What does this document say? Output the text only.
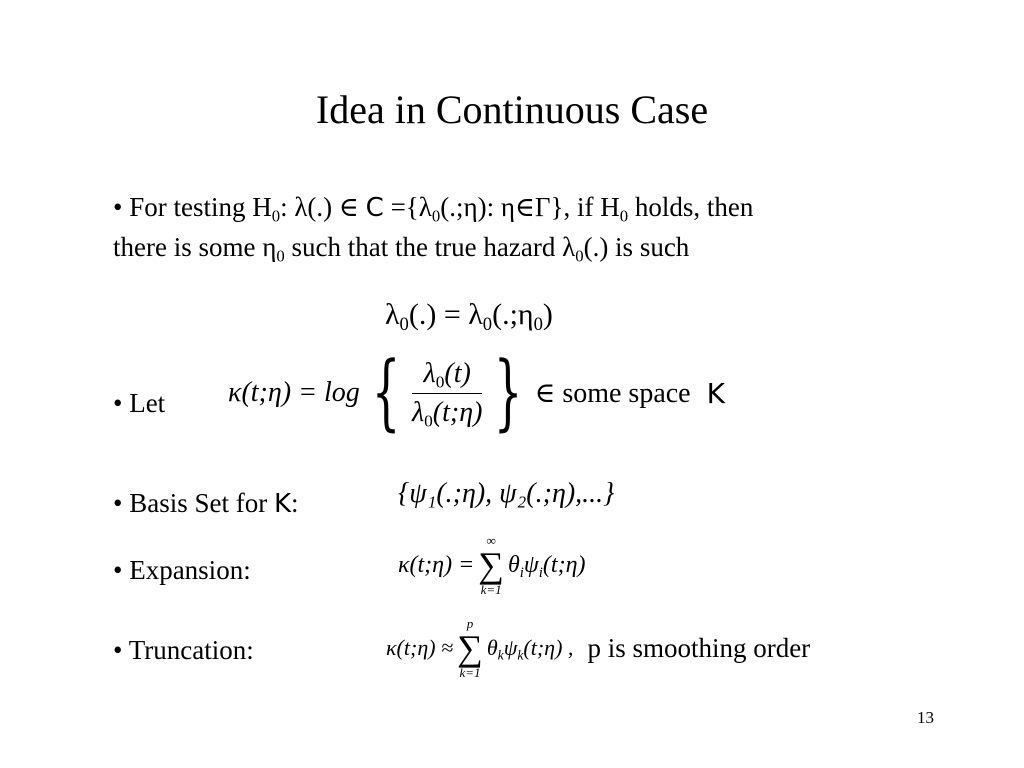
Idea in Continuous Case
• For testing $H_0$: λ(.) ∈ $C =\{\lambda_0(.;\eta)$: η∈Γ}, if $H_0$ holds, then
there is some $\eta_0$ such that the true hazard $\lambda_0(.)$ is such
$\lambda_0(.)$ = $\lambda_0(.;\eta_0)$
• Let κ(t;η) = log { $\frac{\lambda_0(t)}{\lambda_0(t;\eta)}$ } ∈ some space K
• Basis Set for K:	{ψ₁(.;η), ψ₂(.;η),...}
• Expansion:	κ(t;η) =
∞
∑
k=1
$\theta_i\psi_i(t;\eta)$
• Truncation:	κ(t;η) ≈
p
∑
k=1
$\theta_k\psi_k(t;\eta)$ , p is smoothing order
13
